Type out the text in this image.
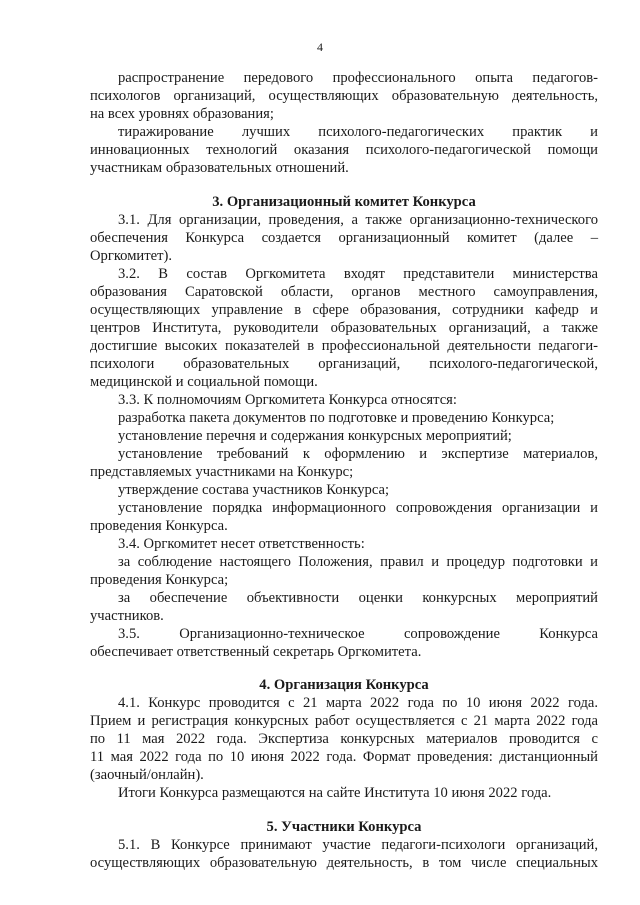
4
распространение передового профессионального опыта педагогов-
психологов организаций, осуществляющих образовательную деятельность,
на всех уровнях образования;
тиражирование лучших психолого-педагогических практик и
инновационных технологий оказания психолого-педагогической помощи
участникам образовательных отношений.
3. Организационный комитет Конкурса
3.1. Для организации, проведения, а также организационно-технического
обеспечения Конкурса создается организационный комитет (далее –
Оргкомитет).
3.2. В состав Оргкомитета входят представители министерства
образования Саратовской области, органов местного самоуправления,
осуществляющих управление в сфере образования, сотрудники кафедр и
центров Института, руководители образовательных организаций, а также
достигшие высоких показателей в профессиональной деятельности педагоги-
психологи образовательных организаций, психолого-педагогической,
медицинской и социальной помощи.
3.3. К полномочиям Оргкомитета Конкурса относятся:
разработка пакета документов по подготовке и проведению Конкурса;
установление перечня и содержания конкурсных мероприятий;
установление требований к оформлению и экспертизе материалов,
представляемых участниками на Конкурс;
утверждение состава участников Конкурса;
установление порядка информационного сопровождения организации и
проведения Конкурса.
3.4. Оргкомитет несет ответственность:
за соблюдение настоящего Положения, правил и процедур подготовки и
проведения Конкурса;
за обеспечение объективности оценки конкурсных мероприятий
участников.
3.5. Организационно-техническое сопровождение Конкурса
обеспечивает ответственный секретарь Оргкомитета.
4. Организация Конкурса
4.1. Конкурс проводится с 21 марта 2022 года по 10 июня 2022 года.
Прием и регистрация конкурсных работ осуществляется с 21 марта 2022 года
по 11 мая 2022 года. Экспертиза конкурсных материалов проводится с
11 мая 2022 года по 10 июня 2022 года. Формат проведения: дистанционный
(заочный/онлайн).
Итоги Конкурса размещаются на сайте Института 10 июня 2022 года.
5. Участники Конкурса
5.1. В Конкурсе принимают участие педагоги-психологи организаций,
осуществляющих образовательную деятельность, в том числе специальных
